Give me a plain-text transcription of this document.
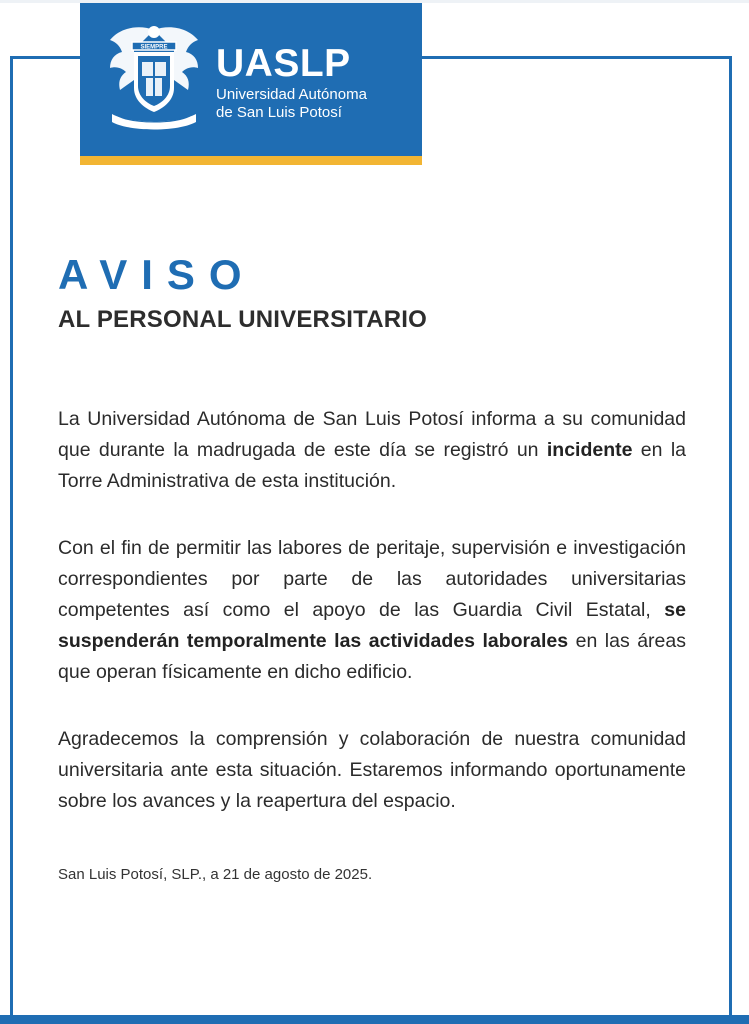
SIEMPRE UASLP
Universidad Autónoma
de San Luis Potosí
AVISO
AL PERSONAL UNIVERSITARIO
La Universidad Autónoma de San Luis Potosí informa a su comunidad que durante la madrugada de este día se registró un incidente en la Torre Administrativa de esta institución.
Con el fin de permitir las labores de peritaje, supervisión e investigación correspondientes por parte de las autoridades universitarias competentes así como el apoyo de las Guardia Civil Estatal, se suspenderán temporalmente las actividades laborales en las áreas que operan físicamente en dicho edificio.
Agradecemos la comprensión y colaboración de nuestra comunidad universitaria ante esta situación. Estaremos informando oportunamente sobre los avances y la reapertura del espacio.
San Luis Potosí, SLP., a 21 de agosto de 2025.
